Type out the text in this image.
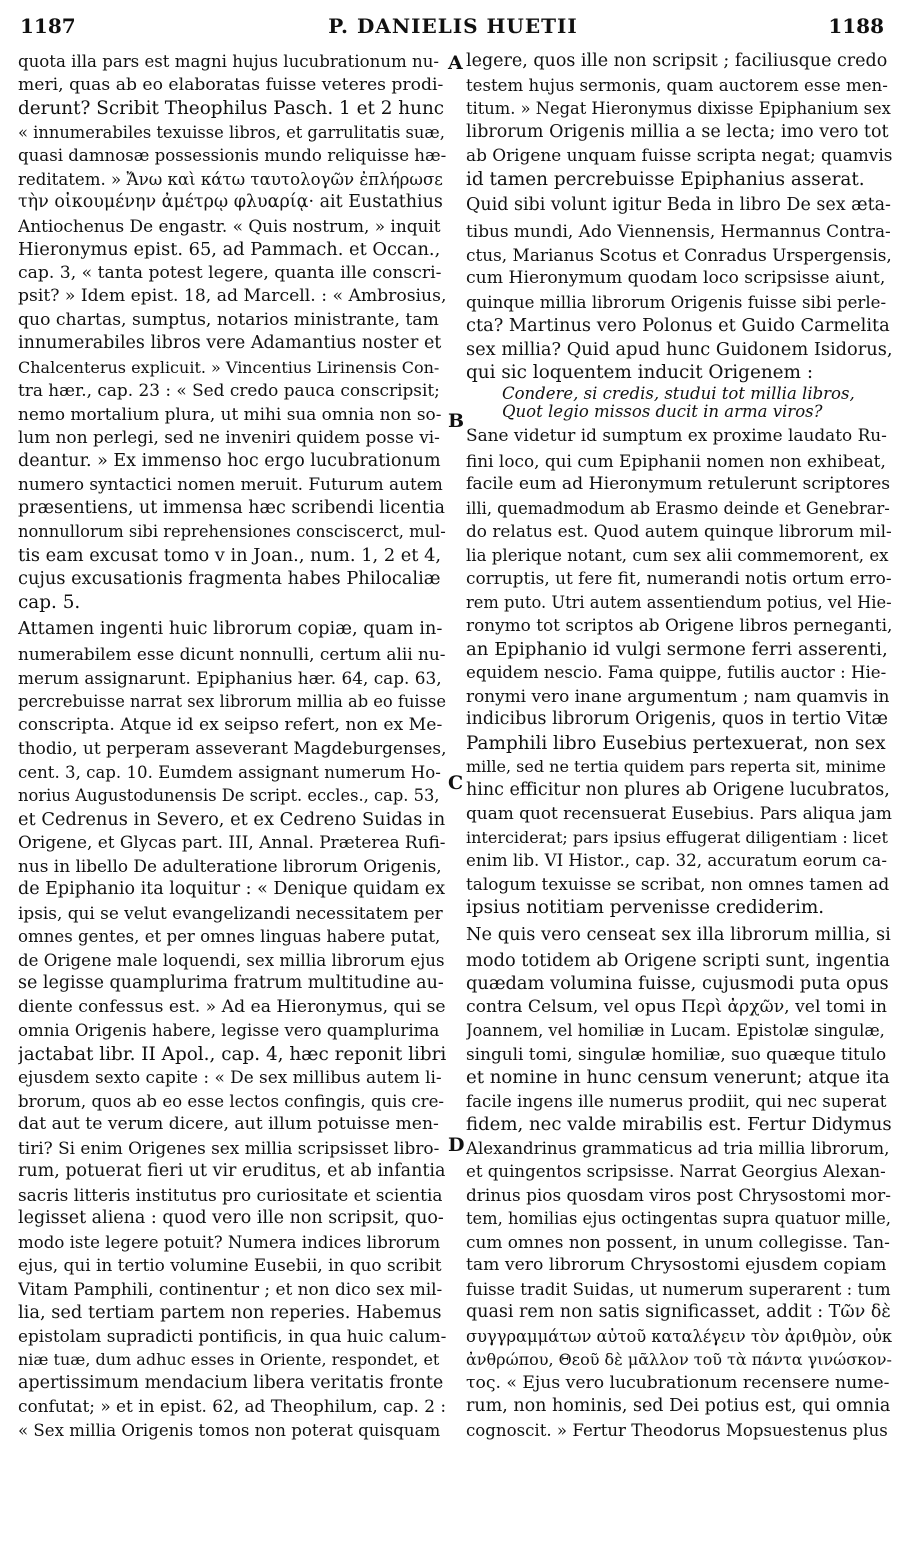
1187	P. DANIELIS HUETII	1188
quota illa pars est magni hujus lucubrationum nu-
meri, quas ab eo elaboratas fuisse veteres prodi-
derunt? Scribit Theophilus Pasch. 1 et 2 hunc
« innumerabiles texuisse libros, et garrulitatis suæ,
quasi damnosæ possessionis mundo reliquisse hæ-
reditatem. » Ἄνω καὶ κάτω ταυτολογῶν ἐπλήρωσε
τὴν οἰκουμένην ἀμέτρῳ φλυαρίᾳ· ait Eustathius
Antiochenus De engastr. « Quis nostrum, » inquit
Hieronymus epist. 65, ad Pammach. et Occan.,
cap. 3, « tanta potest legere, quanta ille conscri-
psit? » Idem epist. 18, ad Marcell. : « Ambrosius,
quo chartas, sumptus, notarios ministrante, tam
innumerabiles libros vere Adamantius noster et
Chalcenterus explicuit. » Vincentius Lirinensis Con-
tra hær., cap. 23 : « Sed credo pauca conscripsit;
nemo mortalium plura, ut mihi sua omnia non so-
lum non perlegi, sed ne inveniri quidem posse vi-
deantur. » Ex immenso hoc ergo lucubrationum
numero syntactici nomen meruit. Futurum autem
præsentiens, ut immensa hæc scribendi licentia
nonnullorum sibi reprehensiones consciscerct, mul-
tis eam excusat tomo v in Joan., num. 1, 2 et 4,
cujus excusationis fragmenta habes Philocaliæ
cap. 5.
Attamen ingenti huic librorum copiæ, quam in-
numerabilem esse dicunt nonnulli, certum alii nu-
merum assignarunt. Epiphanius hær. 64, cap. 63,
percrebuisse narrat sex librorum millia ab eo fuisse
conscripta. Atque id ex seipso refert, non ex Me-
thodio, ut perperam asseverant Magdeburgenses,
cent. 3, cap. 10. Eumdem assignant numerum Ho-
norius Augustodunensis De script. eccles., cap. 53,
et Cedrenus in Severo, et ex Cedreno Suidas in
Origene, et Glycas part. III, Annal. Præterea Rufi-
nus in libello De adulteratione librorum Origenis,
de Epiphanio ita loquitur : « Denique quidam ex
ipsis, qui se velut evangelizandi necessitatem per
omnes gentes, et per omnes linguas habere putat,
de Origene male loquendi, sex millia librorum ejus
se legisse quamplurima fratrum multitudine au-
diente confessus est. » Ad ea Hieronymus, qui se
omnia Origenis habere, legisse vero quamplurima
jactabat libr. II Apol., cap. 4, hæc reponit libri
ejusdem sexto capite : « De sex millibus autem li-
brorum, quos ab eo esse lectos confingis, quis cre-
dat aut te verum dicere, aut illum potuisse men-
tiri? Si enim Origenes sex millia scripsisset libro-
rum, potuerat fieri ut vir eruditus, et ab infantia
sacris litteris institutus pro curiositate et scientia
legisset aliena : quod vero ille non scripsit, quo-
modo iste legere potuit? Numera indices librorum
ejus, qui in tertio volumine Eusebii, in quo scribit
Vitam Pamphili, continentur ; et non dico sex mil-
lia, sed tertiam partem non reperies. Habemus
epistolam supradicti pontificis, in qua huic calum-
niæ tuæ, dum adhuc esses in Oriente, respondet, et
apertissimum mendacium libera veritatis fronte
confutat; » et in epist. 62, ad Theophilum, cap. 2 :
« Sex millia Origenis tomos non poterat quisquam
legere, quos ille non scripsit ; faciliusque credo
testem hujus sermonis, quam auctorem esse men-
titum. » Negat Hieronymus dixisse Epiphanium sex
librorum Origenis millia a se lecta; imo vero tot
ab Origene unquam fuisse scripta negat; quamvis
id tamen percrebuisse Epiphanius asserat.
Quid sibi volunt igitur Beda in libro De sex æta-
tibus mundi, Ado Viennensis, Hermannus Contra-
ctus, Marianus Scotus et Conradus Urspergensis,
cum Hieronymum quodam loco scripsisse aiunt,
quinque millia librorum Origenis fuisse sibi perle-
cta? Martinus vero Polonus et Guido Carmelita
sex millia? Quid apud hunc Guidonem Isidorus,
qui sic loquentem inducit Origenem :
Condere, si credis, studui tot millia libros,
Quot legio missos ducit in arma viros?
Sane videtur id sumptum ex proxime laudato Ru-
fini loco, qui cum Epiphanii nomen non exhibeat,
facile eum ad Hieronymum retulerunt scriptores
illi, quemadmodum ab Erasmo deinde et Genebrar-
do relatus est. Quod autem quinque librorum mil-
lia plerique notant, cum sex alii commemorent, ex
corruptis, ut fere fit, numerandi notis ortum erro-
rem puto. Utri autem assentiendum potius, vel Hie-
ronymo tot scriptos ab Origene libros perneganti,
an Epiphanio id vulgi sermone ferri asserenti,
equidem nescio. Fama quippe, futilis auctor : Hie-
ronymi vero inane argumentum ; nam quamvis in
indicibus librorum Origenis, quos in tertio Vitæ
Pamphili libro Eusebius pertexuerat, non sex
mille, sed ne tertia quidem pars reperta sit, minime
hinc efficitur non plures ab Origene lucubratos,
quam quot recensuerat Eusebius. Pars aliqua jam
interciderat; pars ipsius effugerat diligentiam : licet
enim lib. VI Histor., cap. 32, accuratum eorum ca-
talogum texuisse se scribat, non omnes tamen ad
ipsius notitiam pervenisse crediderim.
Ne quis vero censeat sex illa librorum millia, si
modo totidem ab Origene scripti sunt, ingentia
quædam volumina fuisse, cujusmodi puta opus
contra Celsum, vel opus Περὶ ἀρχῶν, vel tomi in
Joannem, vel homiliæ in Lucam. Epistolæ singulæ,
singuli tomi, singulæ homiliæ, suo quæque titulo
et nomine in hunc censum venerunt; atque ita
facile ingens ille numerus prodiit, qui nec superat
fidem, nec valde mirabilis est. Fertur Didymus
Alexandrinus grammaticus ad tria millia librorum,
et quingentos scripsisse. Narrat Georgius Alexan-
drinus pios quosdam viros post Chrysostomi mor-
tem, homilias ejus octingentas supra quatuor mille,
cum omnes non possent, in unum collegisse. Tan-
tam vero librorum Chrysostomi ejusdem copiam
fuisse tradit Suidas, ut numerum superarent : tum
quasi rem non satis significasset, addit : Τῶν δὲ
συγγραμμάτων αὐτοῦ καταλέγειν τὸν ἀριθμὸν, οὐκ
ἀνθρώπου, Θεοῦ δὲ μᾶλλον τοῦ τὰ πάντα γινώσκον-
τος. « Ejus vero lucubrationum recensere nume-
rum, non hominis, sed Dei potius est, qui omnia
cognoscit. » Fertur Theodorus Mopsuestenus plus
A
B
C
D
